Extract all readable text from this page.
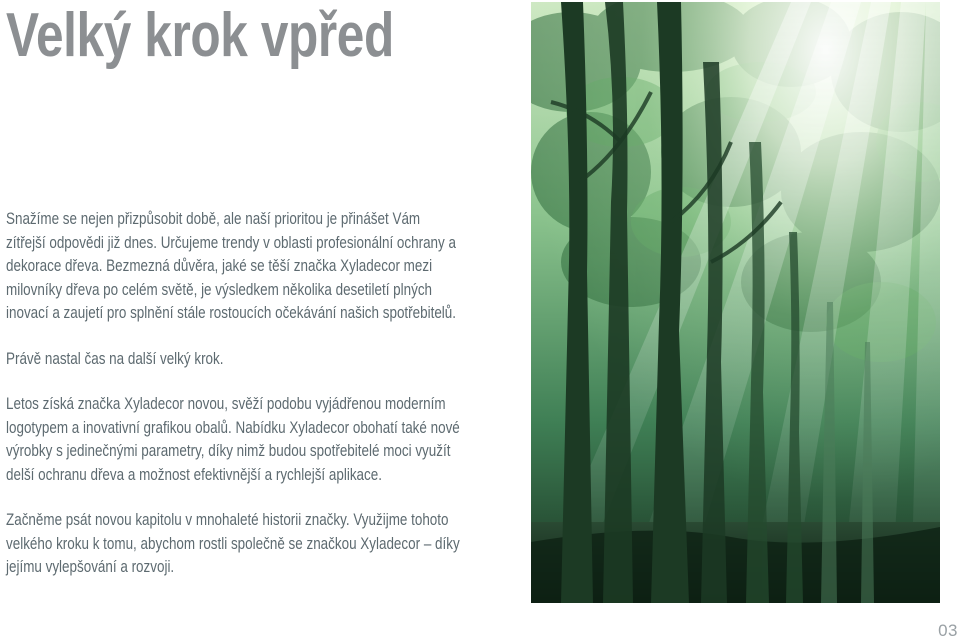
Velký krok vpřed

Snažíme se nejen přizpůsobit době, ale naší prioritou je přinášet Vám zítřejší odpovědi již dnes. Určujeme trendy v oblasti profesionální ochrany a dekorace dřeva. Bezmezná důvěra, jaké se těší značka Xyladecor mezi milovníky dřeva po celém světě, je výsledkem několika desetiletí plných inovací a zaujetí pro splnění stále rostoucích očekávání našich spotřebitelů.

Právě nastal čas na další velký krok.

Letos získá značka Xyladecor novou, svěží podobu vyjádřenou moderním logotypem a inovativní grafikou obalů. Nabídku Xyladecor obohatí také nové výrobky s jedinečnými parametry, díky nimž budou spotřebitelé moci využít delší ochranu dřeva a možnost efektivnější a rychlejší aplikace.

Začněme psát novou kapitolu v mnohaleté historii značky. Využijme tohoto velkého kroku k tomu, abychom rostli společně se značkou Xyladecor – díky jejímu vylepšování a rozvoji.

03
